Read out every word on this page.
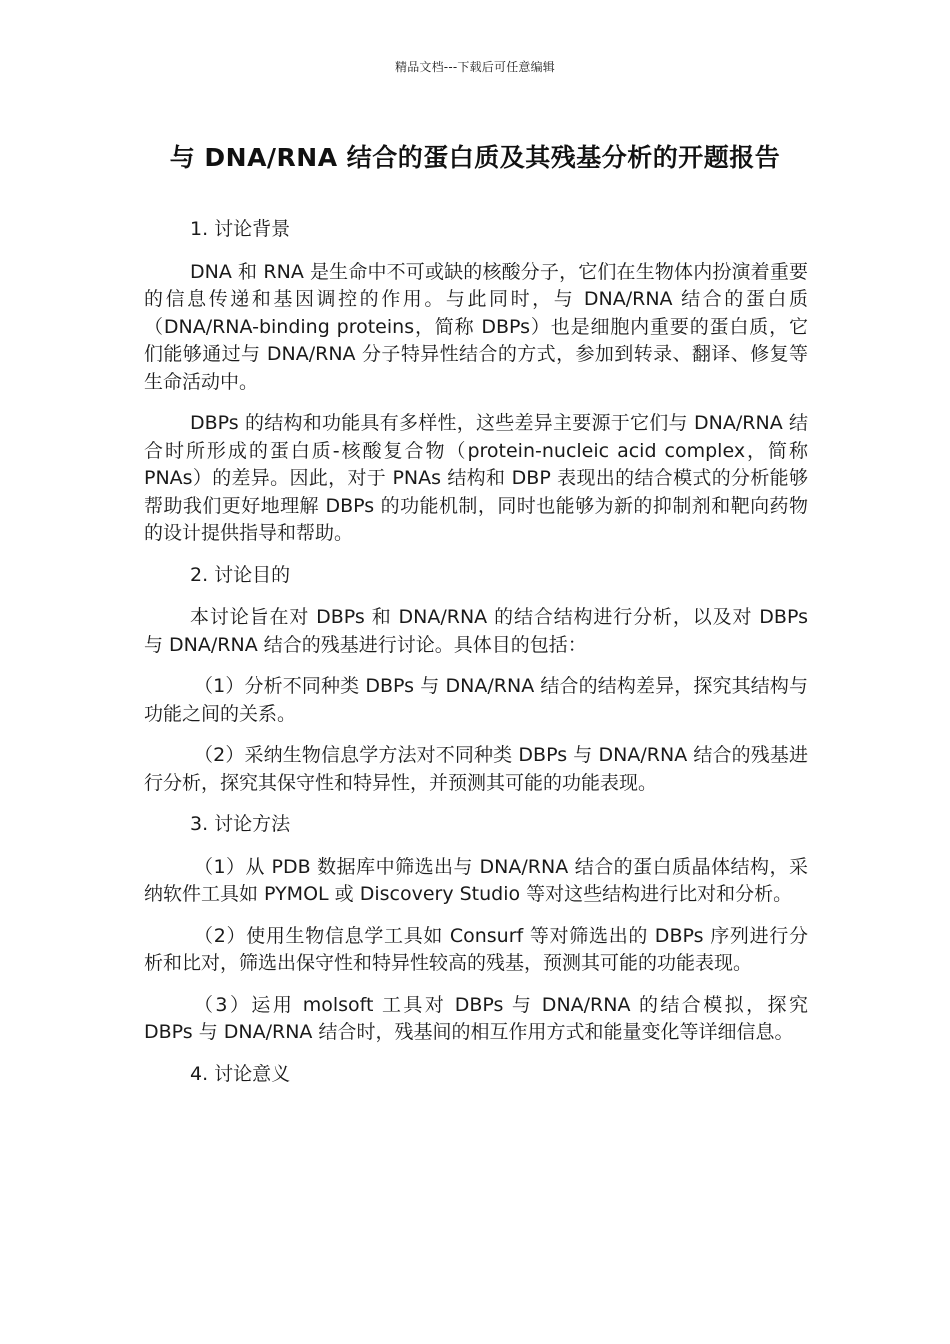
精品文档---下载后可任意编辑
与 DNA/RNA 结合的蛋白质及其残基分析的开题报告
1. 讨论背景

DNA 和 RNA 是生命中不可或缺的核酸分子，它们在生物体内扮演着重要的信息传递和基因调控的作用。与此同时，与 DNA/RNA 结合的蛋白质（DNA/RNA-binding proteins，简称 DBPs）也是细胞内重要的蛋白质，它们能够通过与 DNA/RNA 分子特异性结合的方式，参加到转录、翻译、修复等生命活动中。

DBPs 的结构和功能具有多样性，这些差异主要源于它们与 DNA/RNA 结合时所形成的蛋白质-核酸复合物（protein-nucleic acid complex，简称 PNAs）的差异。因此，对于 PNAs 结构和 DBP 表现出的结合模式的分析能够帮助我们更好地理解 DBPs 的功能机制，同时也能够为新的抑制剂和靶向药物的设计提供指导和帮助。

2. 讨论目的

本讨论旨在对 DBPs 和 DNA/RNA 的结合结构进行分析，以及对 DBPs 与 DNA/RNA 结合的残基进行讨论。具体目的包括：

（1）分析不同种类 DBPs 与 DNA/RNA 结合的结构差异，探究其结构与功能之间的关系。

（2）采纳生物信息学方法对不同种类 DBPs 与 DNA/RNA 结合的残基进行分析，探究其保守性和特异性，并预测其可能的功能表现。

3. 讨论方法

（1）从 PDB 数据库中筛选出与 DNA/RNA 结合的蛋白质晶体结构，采纳软件工具如 PYMOL 或 Discovery Studio 等对这些结构进行比对和分析。

（2）使用生物信息学工具如 Consurf 等对筛选出的 DBPs 序列进行分析和比对，筛选出保守性和特异性较高的残基，预测其可能的功能表现。

（3）运用 molsoft 工具对 DBPs 与 DNA/RNA 的结合模拟，探究 DBPs 与 DNA/RNA 结合时，残基间的相互作用方式和能量变化等详细信息。

4. 讨论意义
